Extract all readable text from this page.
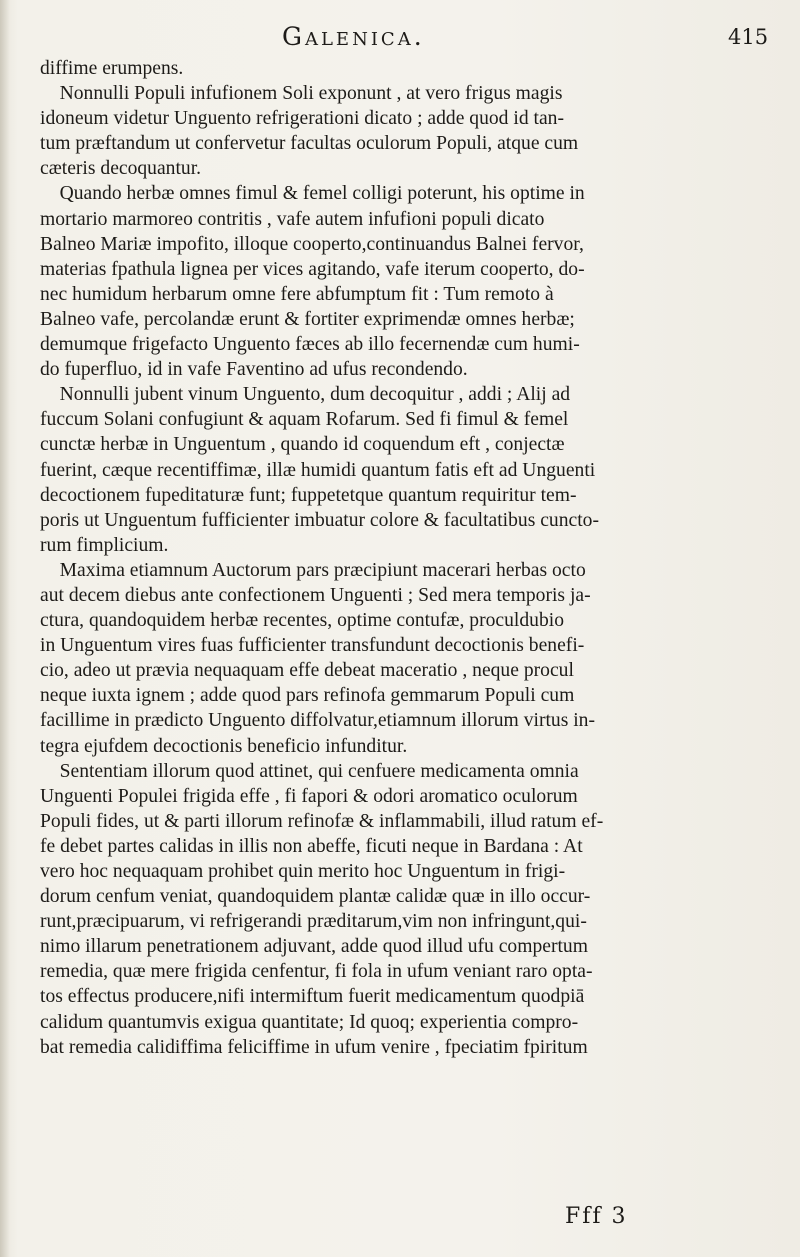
Galenica.	415
diffime erumpens.
Nonnulli Populi infufionem Soli exponunt , at vero frigus magis
idoneum videtur Unguento refrigerationi dicato ; adde quod id tan-
tum præftandum ut confervetur facultas oculorum Populi, atque cum
cæteris decoquantur.
Quando herbæ omnes fimul & femel colligi poterunt, his optime in
mortario marmoreo contritis , vafe autem infufioni populi dicato
Balneo Mariæ impofito, illoque cooperto,continuandus Balnei fervor,
materias fpathula lignea per vices agitando, vafe iterum cooperto, do-
nec humidum herbarum omne fere abfumptum fit : Tum remoto à
Balneo vafe, percolandæ erunt & fortiter exprimendæ omnes herbæ;
demumque frigefacto Unguento fæces ab illo fecernendæ cum humi-
do fuperfluo, id in vafe Faventino ad ufus recondendo.
Nonnulli jubent vinum Unguento, dum decoquitur , addi ; Alij ad
fuccum Solani confugiunt & aquam Rofarum. Sed fi fimul & femel
cunctæ herbæ in Unguentum , quando id coquendum eft , conjectæ
fuerint, cæque recentiffimæ, illæ humidi quantum fatis eft ad Unguenti
decoctionem fupeditaturæ funt; fuppetetque quantum requiritur tem-
poris ut Unguentum fufficienter imbuatur colore & facultatibus cuncto-
rum fimplicium.
Maxima etiamnum Auctorum pars præcipiunt macerari herbas octo
aut decem diebus ante confectionem Unguenti ; Sed mera temporis ja-
ctura, quandoquidem herbæ recentes, optime contufæ, proculdubio
in Unguentum vires fuas fufficienter transfundunt decoctionis benefi-
cio, adeo ut prævia nequaquam effe debeat maceratio , neque procul
neque iuxta ignem ; adde quod pars refinofa gemmarum Populi cum
facillime in prædicto Unguento diffolvatur,etiamnum illorum virtus in-
tegra ejufdem decoctionis beneficio infunditur.
Sententiam illorum quod attinet, qui cenfuere medicamenta omnia
Unguenti Populei frigida effe , fi fapori & odori aromatico oculorum
Populi fides, ut & parti illorum refinofæ & inflammabili, illud ratum ef-
fe debet partes calidas in illis non abeffe, ficuti neque in Bardana : At
vero hoc nequaquam prohibet quin merito hoc Unguentum in frigi-
dorum cenfum veniat, quandoquidem plantæ calidæ quæ in illo occur-
runt,præcipuarum, vi refrigerandi præditarum,vim non infringunt,qui-
nimo illarum penetrationem adjuvant, adde quod illud ufu compertum
remedia, quæ mere frigida cenfentur, fi fola in ufum veniant raro opta-
tos effectus producere,nifi intermiftum fuerit medicamentum quodpiā
calidum quantumvis exigua quantitate; Id quoq; experientia compro-
bat remedia calidiffima feliciffime in ufum venire , fpeciatim fpiritum
Fff 3
